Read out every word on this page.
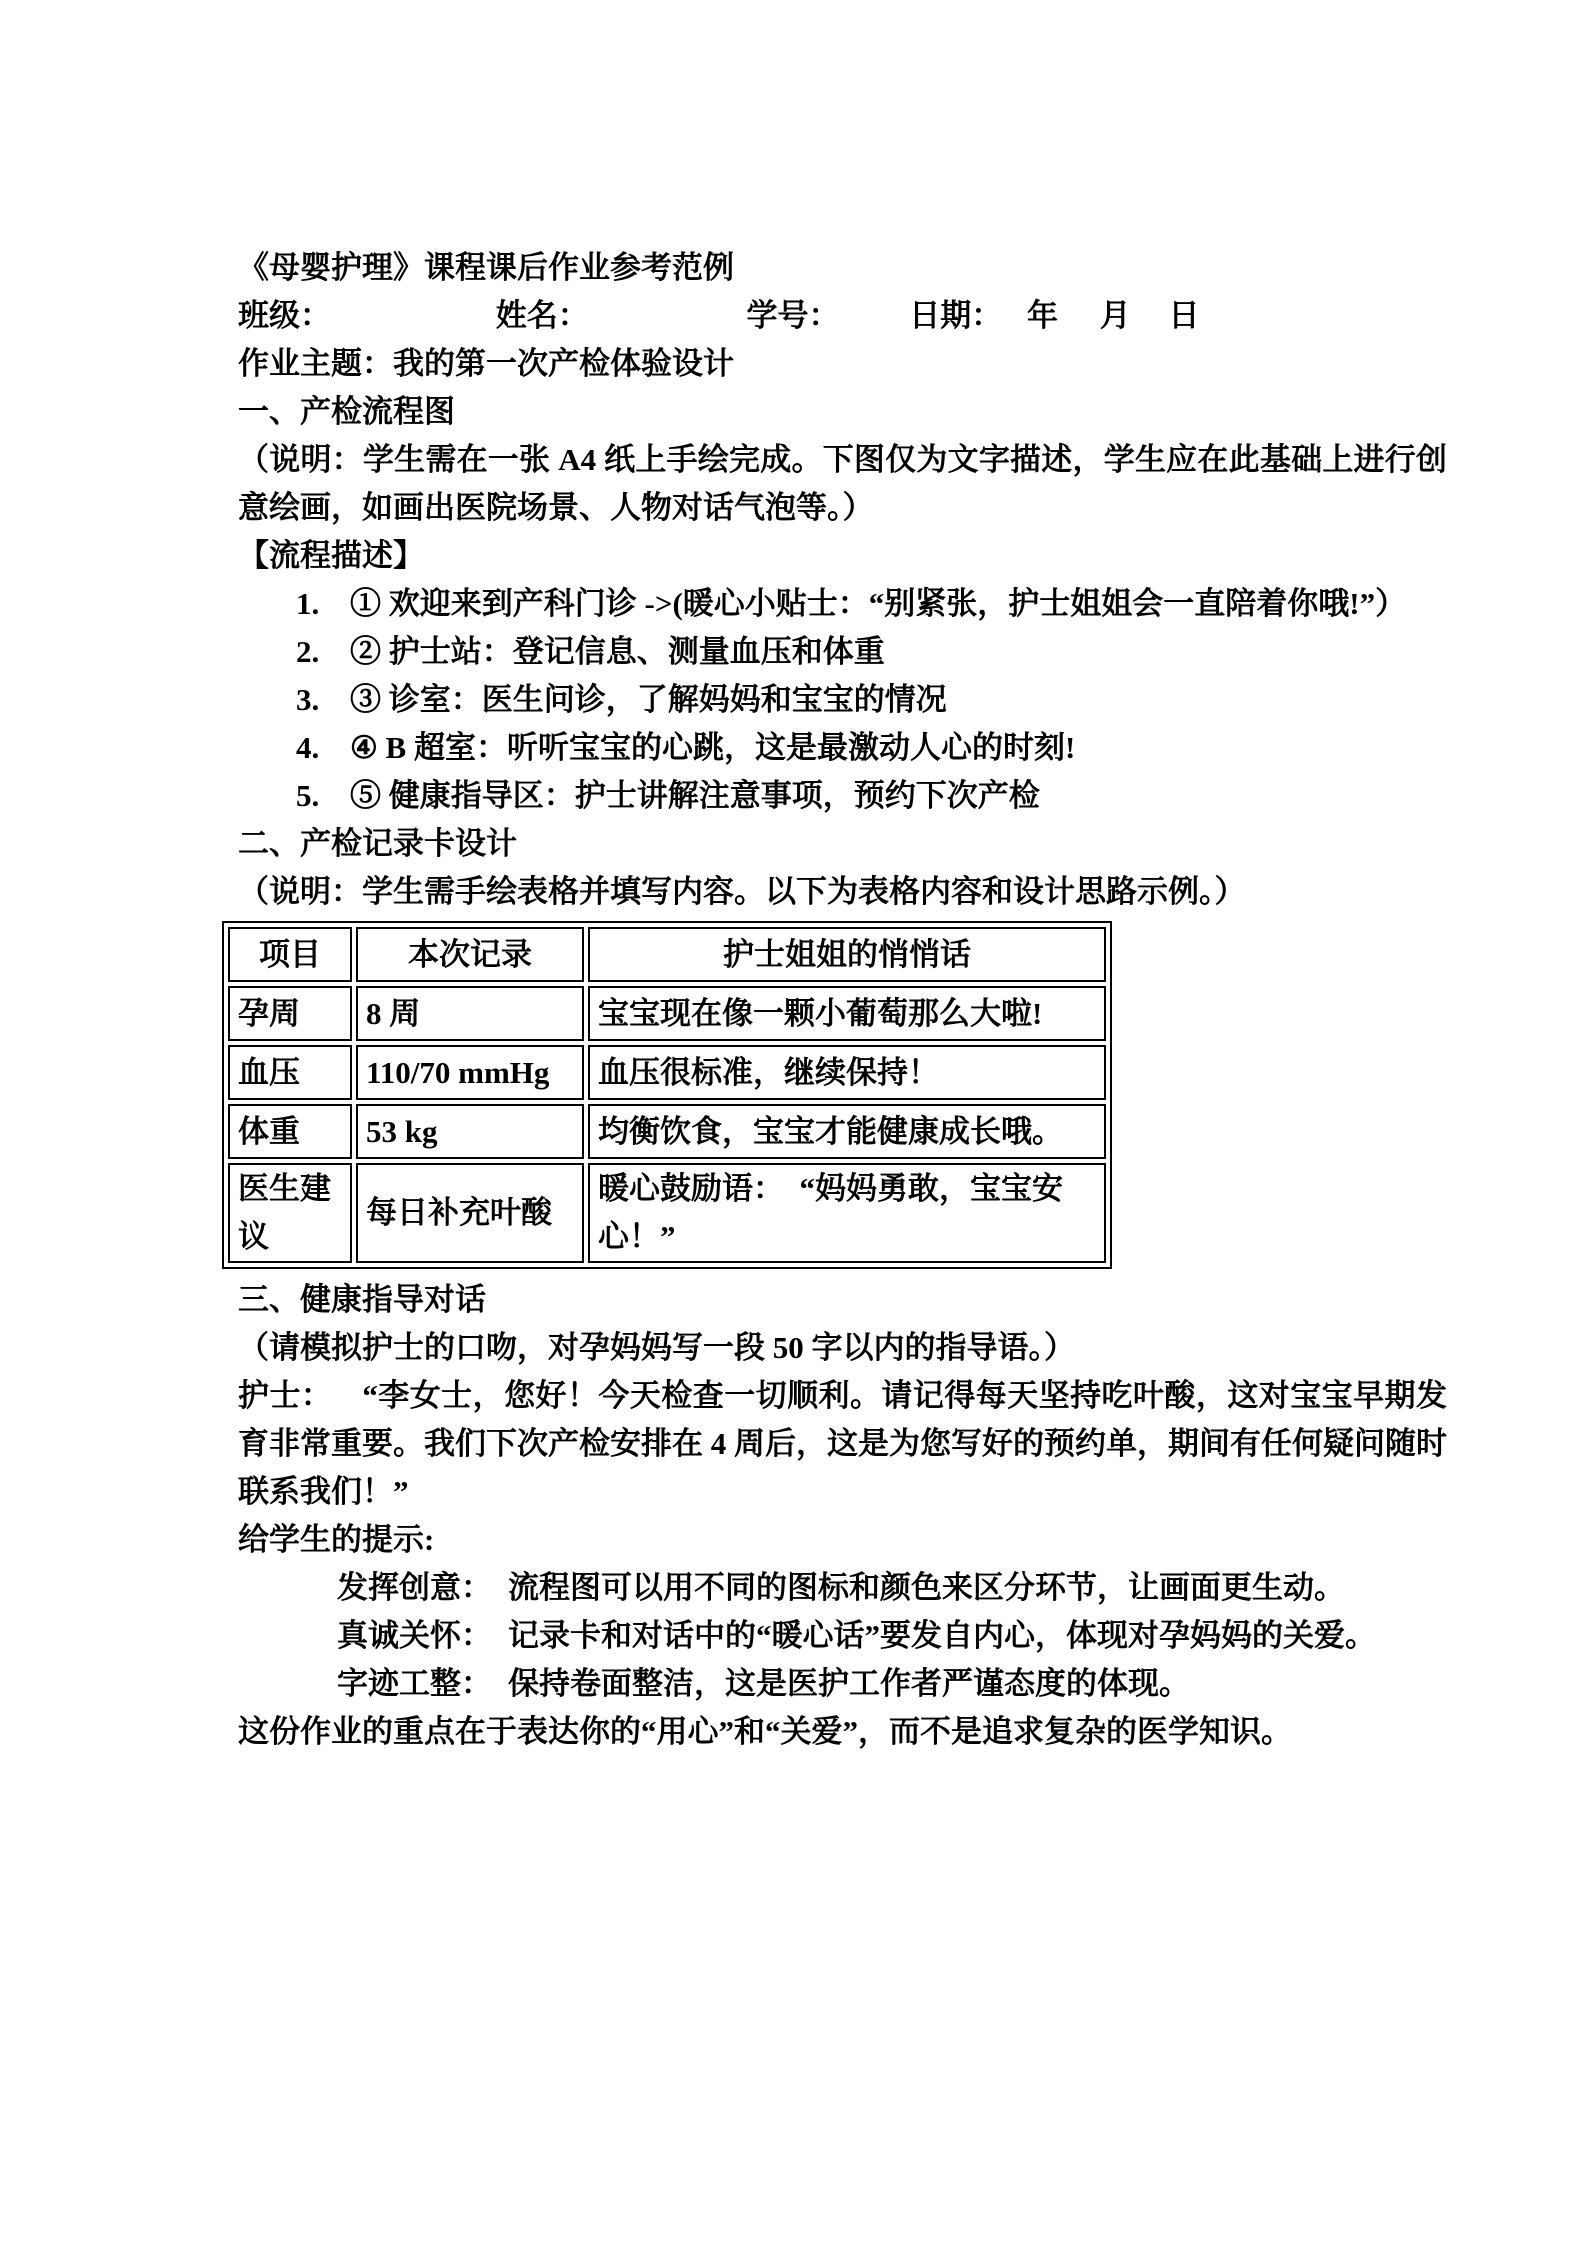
《母婴护理》课程课后作业参考范例
班级：	姓名：	学号： 日期： 年 月 日
作业主题：我的第一次产检体验设计
一、产检流程图
（说明：学生需在一张 A4 纸上手绘完成。下图仅为文字描述，学生应在此基础上进行创意绘画，如画出医院场景、人物对话气泡等。）
【流程描述】
1. ① 欢迎来到产科门诊 ->(暖心小贴士：“别紧张，护士姐姐会一直陪着你哦!”）
2. ② 护士站：登记信息、测量血压和体重
3. ③ 诊室：医生问诊，了解妈妈和宝宝的情况
4. ④ B 超室：听听宝宝的心跳，这是最激动人心的时刻!
5. ⑤ 健康指导区：护士讲解注意事项，预约下次产检
二、产检记录卡设计
（说明：学生需手绘表格并填写内容。以下为表格内容和设计思路示例。）
项目	本次记录	护士姐姐的悄悄话
孕周	8 周	宝宝现在像一颗小葡萄那么大啦!
血压	110/70 mmHg	血压很标准，继续保持！
体重	53 kg	均衡饮食，宝宝才能健康成长哦。
医生建议	每日补充叶酸	暖心鼓励语：　“妈妈勇敢，宝宝安心！”
三、健康指导对话
（请模拟护士的口吻，对孕妈妈写一段 50 字以内的指导语。）
护士： “李女士，您好！今天检查一切顺利。请记得每天坚持吃叶酸，这对宝宝早期发育非常重要。我们下次产检安排在 4 周后，这是为您写好的预约单，期间有任何疑问随时联系我们！”
给学生的提示:
发挥创意： 流程图可以用不同的图标和颜色来区分环节，让画面更生动。
真诚关怀： 记录卡和对话中的“暖心话”要发自内心，体现对孕妈妈的关爱。
字迹工整： 保持卷面整洁，这是医护工作者严谨态度的体现。
这份作业的重点在于表达你的“用心”和“关爱”，而不是追求复杂的医学知识。
